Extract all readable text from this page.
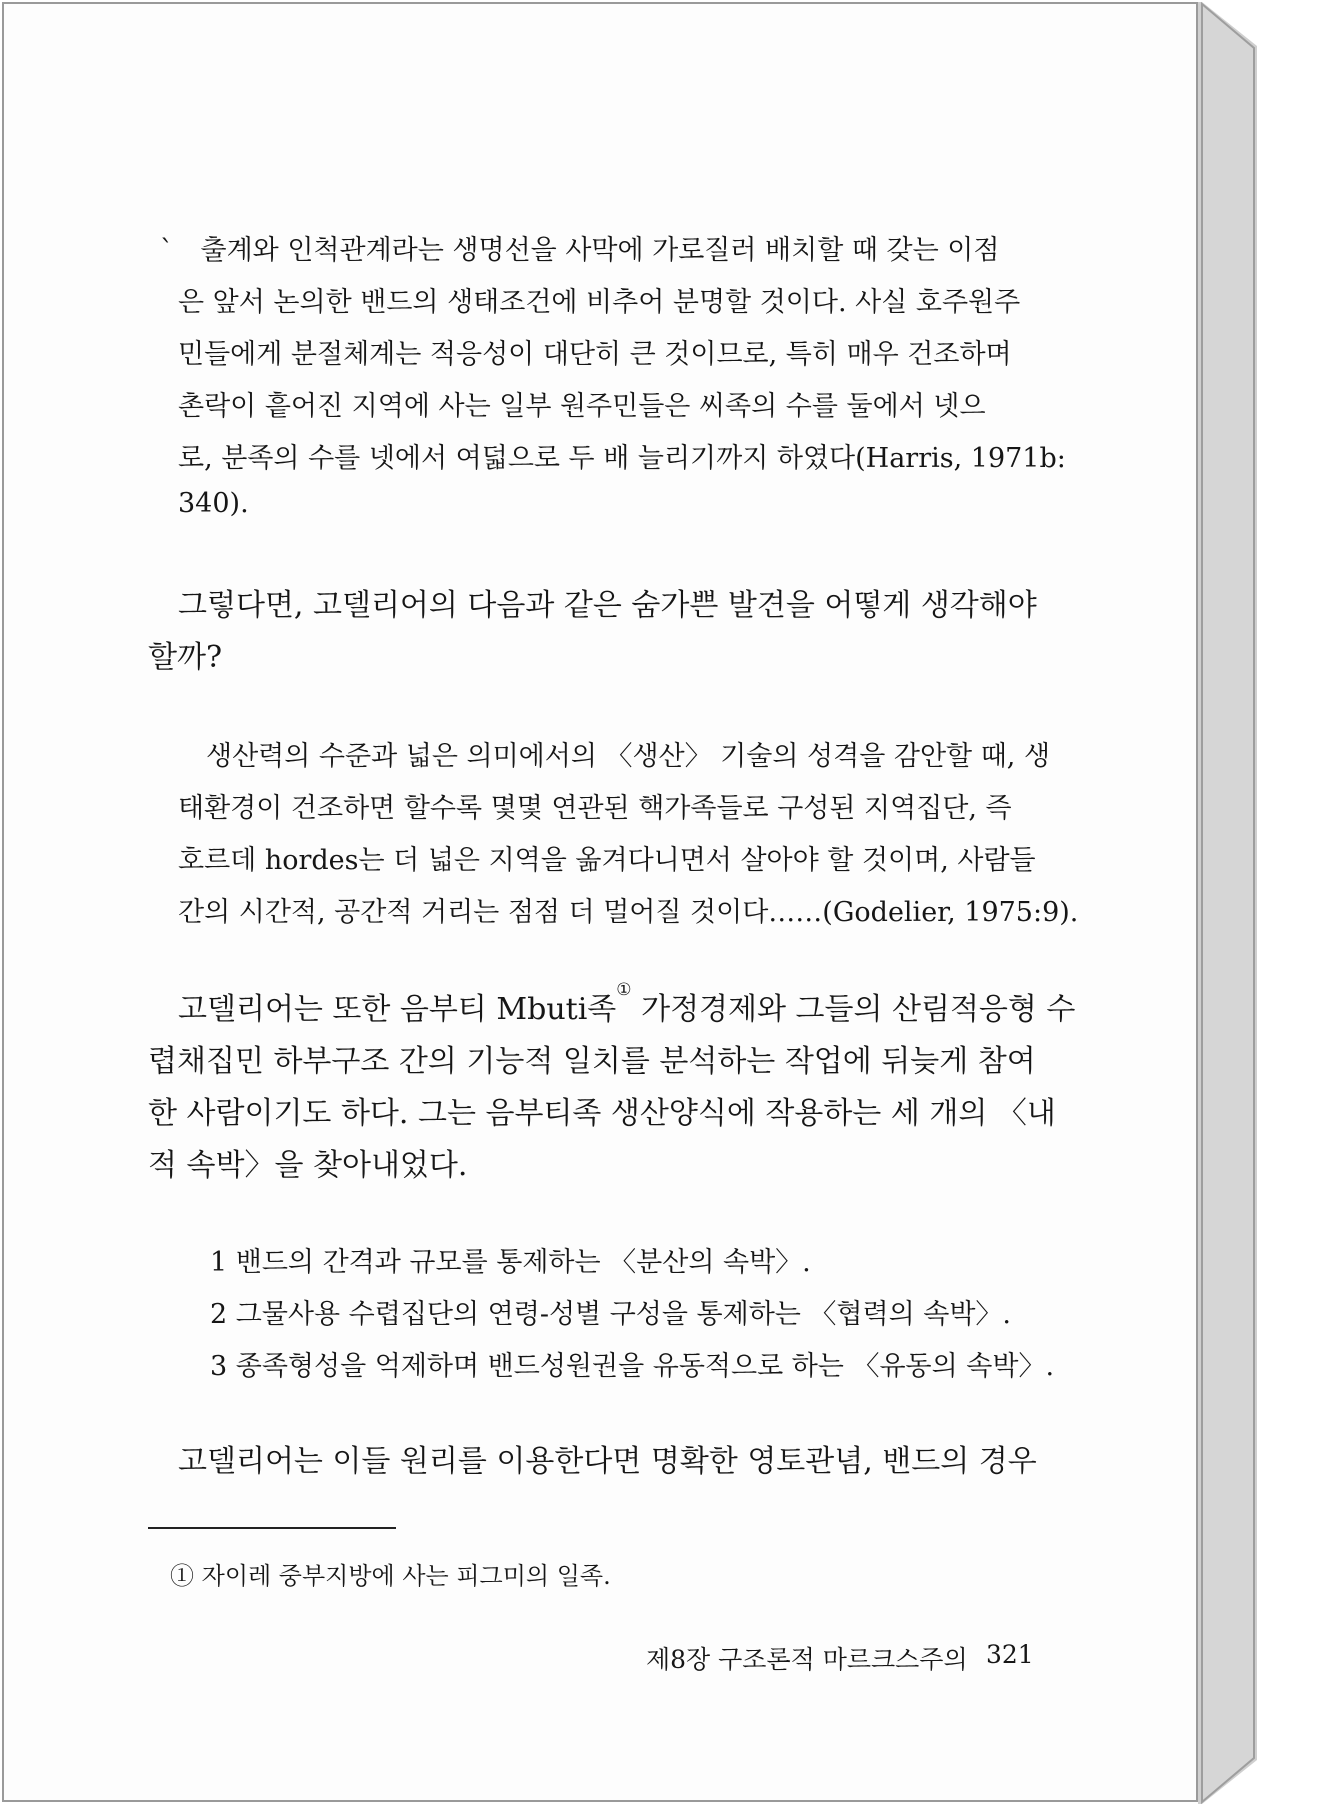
`　출계와 인척관계라는 생명선을 사막에 가로질러 배치할 때 갖는 이점
은 앞서 논의한 밴드의 생태조건에 비추어 분명할 것이다. 사실 호주원주
민들에게 분절체계는 적응성이 대단히 큰 것이므로, 특히 매우 건조하며
촌락이 흩어진 지역에 사는 일부 원주민들은 씨족의 수를 둘에서 넷으
로, 분족의 수를 넷에서 여덟으로 두 배 늘리기까지 하였다(Harris, 1971b:
340).
그렇다면, 고델리어의 다음과 같은 숨가쁜 발견을 어떻게 생각해야
할까?
생산력의 수준과 넓은 의미에서의 〈생산〉 기술의 성격을 감안할 때, 생
태환경이 건조하면 할수록 몇몇 연관된 핵가족들로 구성된 지역집단, 즉
호르데 hordes는 더 넓은 지역을 옮겨다니면서 살아야 할 것이며, 사람들
간의 시간적, 공간적 거리는 점점 더 멀어질 것이다……(Godelier, 1975:9).
고델리어는 또한 음부티 Mbuti족① 가정경제와 그들의 산림적응형 수
렵채집민 하부구조 간의 기능적 일치를 분석하는 작업에 뒤늦게 참여
한 사람이기도 하다. 그는 음부티족 생산양식에 작용하는 세 개의 〈내
적 속박〉을 찾아내었다.
1 밴드의 간격과 규모를 통제하는 〈분산의 속박〉.
2 그물사용 수렵집단의 연령-성별 구성을 통제하는 〈협력의 속박〉.
3 종족형성을 억제하며 밴드성원권을 유동적으로 하는 〈유동의 속박〉.
고델리어는 이들 원리를 이용한다면 명확한 영토관념, 밴드의 경우
① 자이레 중부지방에 사는 피그미의 일족.
제8장 구조론적 마르크스주의 321
